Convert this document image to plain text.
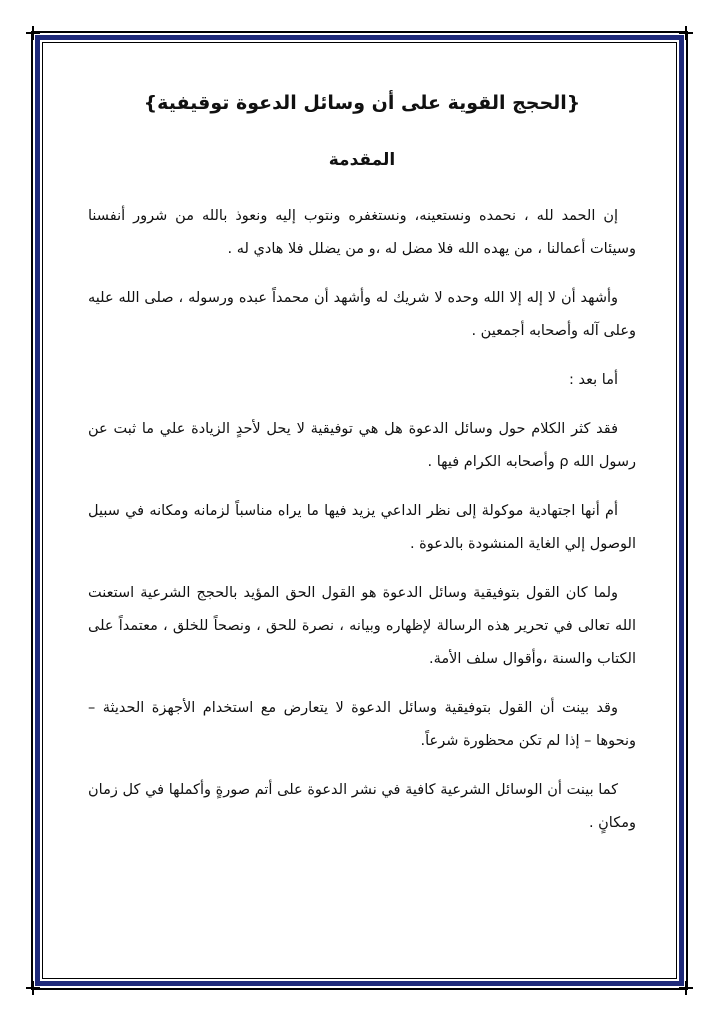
{الحجج القوية على أن وسائل الدعوة توقيفية}
المقدمة

إن الحمد لله ، نحمده ونستعينه، ونستغفره ونتوب إليه ونعوذ بالله من شرور أنفسنا وسيئات أعمالنا ، من يهده الله فلا مضل له ،و من يضلل فلا هادي له .

وأشهد أن لا إله إلا الله وحده لا شريك له وأشهد أن محمداً عبده ورسوله ، صلى الله عليه وعلى آله وأصحابه أجمعين .

أما بعد :

فقد كثر الكلام حول وسائل الدعوة هل هي توفيقية لا يحل لأحدٍ الزيادة علي ما ثبت عن رسول الله ρ وأصحابه الكرام فيها .

أم أنها اجتهادية موكولة إلى نظر الداعي يزيد فيها ما يراه مناسباً لزمانه ومكانه في سبيل الوصول إلي الغاية المنشودة بالدعوة .

ولما كان القول بتوفيقية وسائل الدعوة هو القول الحق المؤيد بالحجج الشرعية استعنت الله تعالى في تحرير هذه الرسالة لإظهاره وبيانه ، نصرة للحق ، ونصحاً للخلق ، معتمداً على الكتاب والسنة ،وأقوال سلف الأمة.

وقد بينت أن القول بتوفيقية وسائل الدعوة لا يتعارض مع استخدام الأجهزة الحديثة – ونحوها – إذا لم تكن محظورة شرعاً.

كما بينت أن الوسائل الشرعية كافية في نشر الدعوة على أتم صورةٍ وأكملها في كل زمان ومكانٍ .
